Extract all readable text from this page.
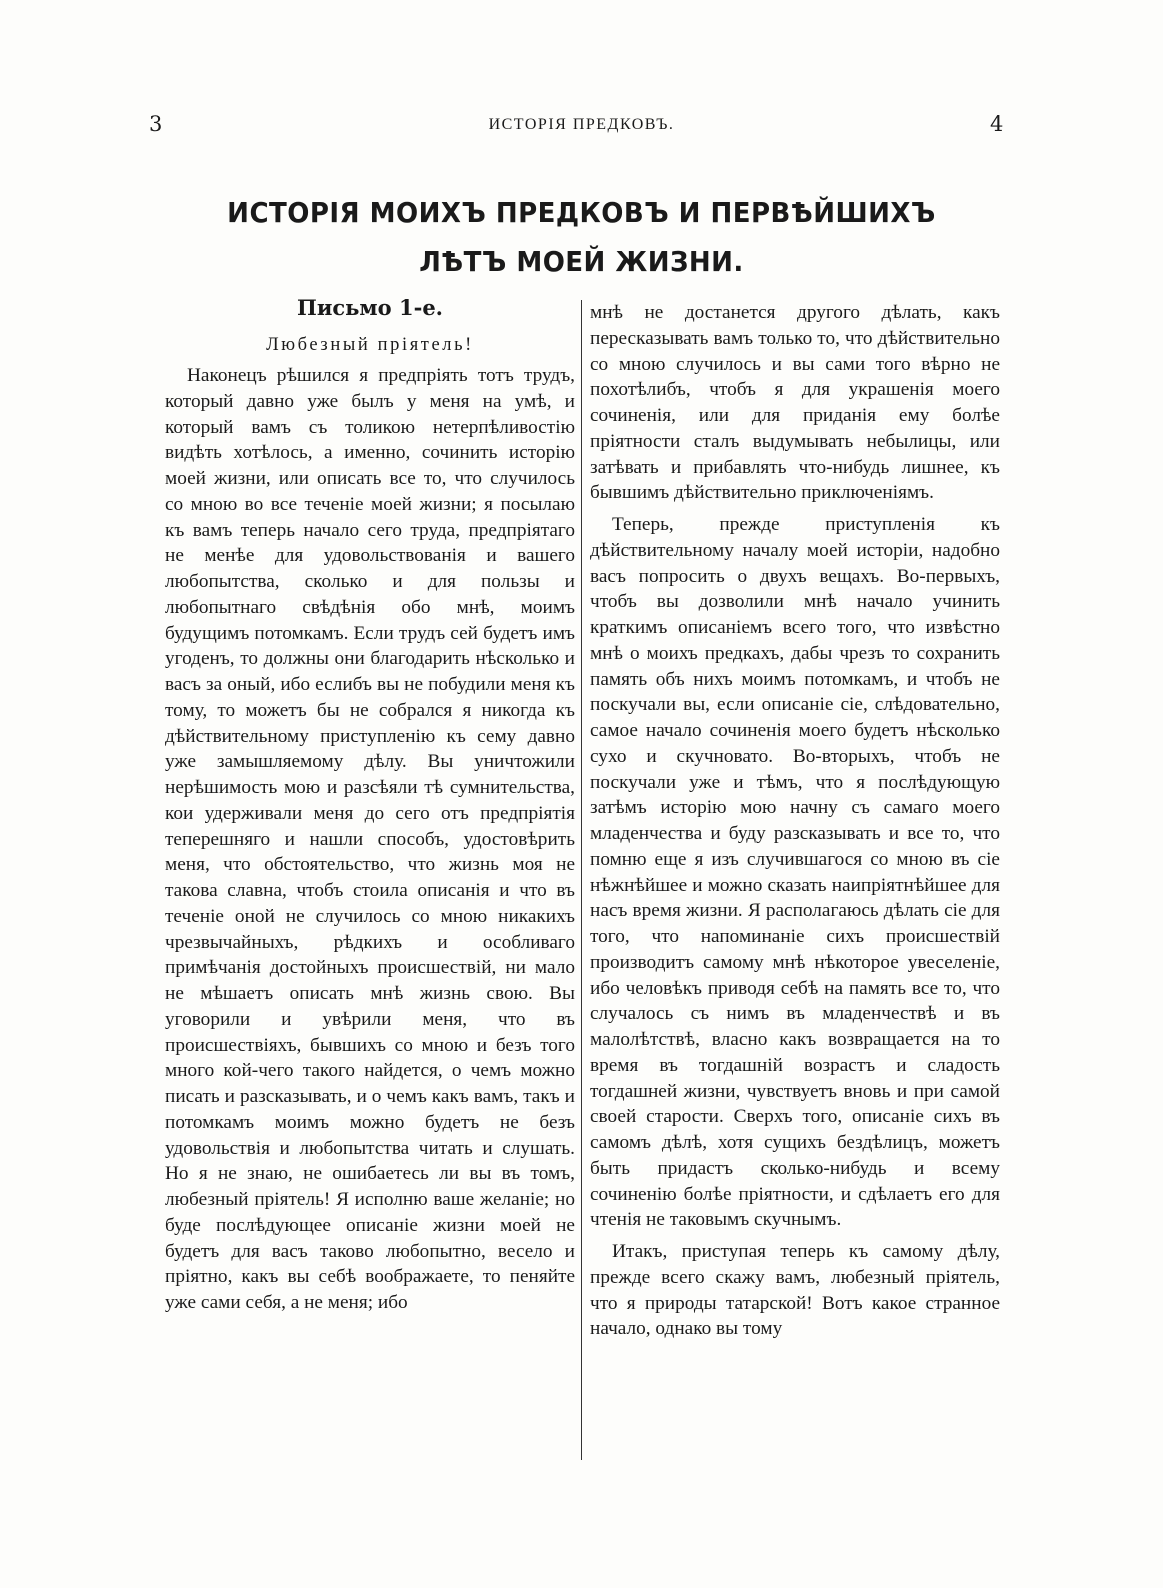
3	ИСТОРІЯ ПРЕДКОВЪ.	4
ИСТОРІЯ МОИХЪ ПРЕДКОВЪ И ПЕРВѢЙШИХЪ ЛѢТЪ МОЕЙ ЖИЗНИ.
Письмо 1-е.
Любезный пріятель!

Наконецъ рѣшился я предпріять тотъ трудъ, который давно уже былъ у меня на умѣ, и который вамъ съ толикою нетерпѣливостію видѣть хотѣлось, а именно, сочинить исторію моей жизни, или описать все то, что случилось со мною во все теченіе моей жизни; я посылаю къ вамъ теперь начало сего труда, предпріятаго не менѣе для удовольствованія и вашего любопытства, сколько и для пользы и любопытнаго свѣдѣнія обо мнѣ, моимъ будущимъ потомкамъ. Если трудъ сей будетъ имъ угоденъ, то должны они благодарить нѣсколько и васъ за оный, ибо еслибъ вы не побудили меня къ тому, то можетъ бы не собрался я никогда къ дѣйствительному приступленію къ сему давно уже замышляемому дѣлу. Вы уничтожили нерѣшимость мою и разсѣяли тѣ сумнительства, кои удерживали меня до сего отъ предпріятія теперешняго и нашли способъ, удостовѣрить меня, что обстоятельство, что жизнь моя не такова славна, чтобъ стоила описанія и что въ теченіе оной не случилось со мною никакихъ чрезвычайныхъ, рѣдкихъ и особливаго примѣчанія достойныхъ происшествій, ни мало не мѣшаетъ описать мнѣ жизнь свою. Вы уговорили и увѣрили меня, что въ происшествіяхъ, бывшихъ со мною и безъ того много кой-чего такого найдется, о чемъ можно писать и разсказывать, и о чемъ какъ вамъ, такъ и потомкамъ моимъ можно будетъ не безъ удовольствія и любопытства читать и слушать. Но я не знаю, не ошибаетесь ли вы въ томъ, любезный пріятель! Я исполню ваше желаніе; но буде послѣдующее описаніе жизни моей не будетъ для васъ таково любопытно, весело и пріятно, какъ вы себѣ воображаете, то пеняйте уже сами себя, а не меня; ибо

мнѣ не достанется другого дѣлать, какъ пересказывать вамъ только то, что дѣйствительно со мною случилось и вы сами того вѣрно не похотѣлибъ, чтобъ я для украшенія моего сочиненія, или для приданія ему болѣе пріятности сталъ выдумывать небылицы, или затѣвать и прибавлять что-нибудь лишнее, къ бывшимъ дѣйствительно приключеніямъ.

Теперь, прежде приступленія къ дѣйствительному началу моей исторіи, надобно васъ попросить о двухъ вещахъ. Во-первыхъ, чтобъ вы дозволили мнѣ начало учинить краткимъ описаніемъ всего того, что извѣстно мнѣ о моихъ предкахъ, дабы чрезъ то сохранить память объ нихъ моимъ потомкамъ, и чтобъ не поскучали вы, если описаніе сіе, слѣдовательно, самое начало сочиненія моего будетъ нѣсколько сухо и скучновато. Во-вторыхъ, чтобъ не поскучали уже и тѣмъ, что я послѣдующую затѣмъ исторію мою начну съ самаго моего младенчества и буду разсказывать и все то, что помню еще я изъ случившагося со мною въ сіе нѣжнѣйшее и можно сказать наипріятнѣйшее для насъ время жизни. Я располагаюсь дѣлать сіе для того, что напоминаніе сихъ происшествій производитъ самому мнѣ нѣкоторое увеселеніе, ибо человѣкъ приводя себѣ на память все то, что случалось съ нимъ въ младенчествѣ и въ малолѣтствѣ, власно какъ возвращается на то время въ тогдашній возрастъ и сладость тогдашней жизни, чувствуетъ вновь и при самой своей старости. Сверхъ того, описаніе сихъ въ самомъ дѣлѣ, хотя сущихъ бездѣлицъ, можетъ быть придастъ сколько-нибудь и всему сочиненію болѣе пріятности, и сдѣлаетъ его для чтенія не таковымъ скучнымъ.

Итакъ, приступая теперь къ самому дѣлу, прежде всего скажу вамъ, любезный пріятель, что я природы татарской! Вотъ какое странное начало, однако вы тому
